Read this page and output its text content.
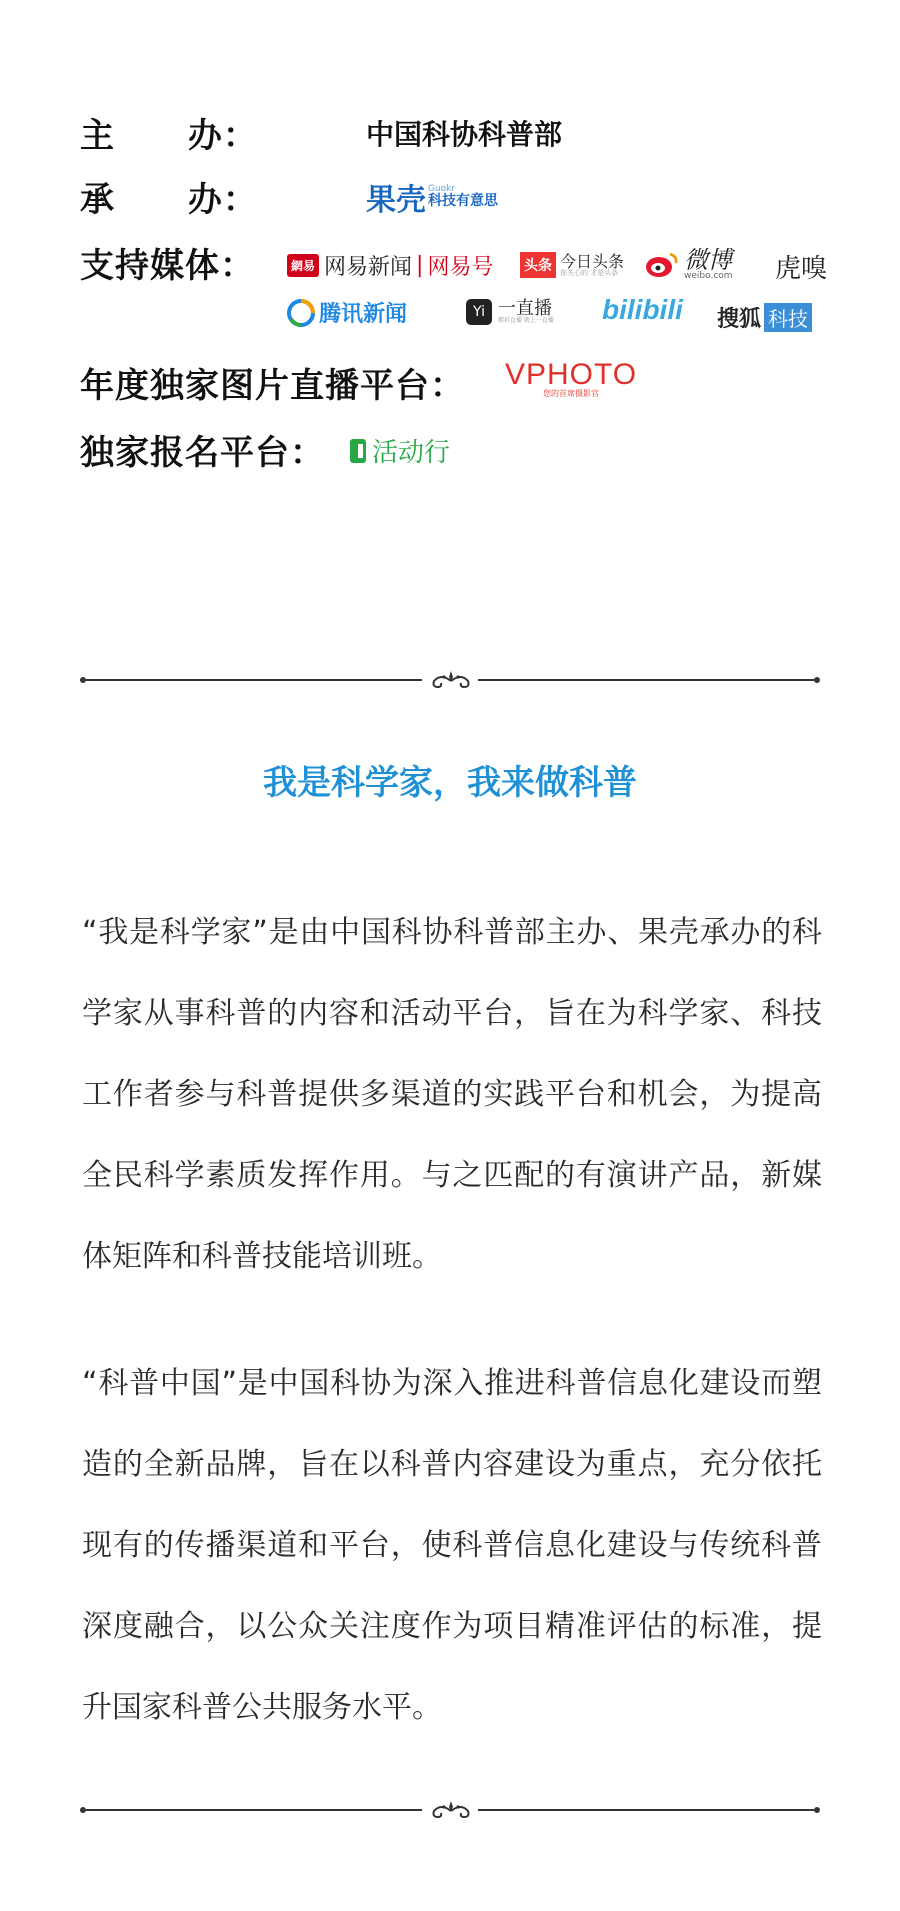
主 办：	中国科协科普部
承 办：	果壳 Guokr
科技有意思
支持媒体：	網易 网易新闻 | 网易号 头条 今日头条
你关心的 才是头条	微博
weibo.com 虎嗅
腾讯新闻	Yi 一直播
精彩直播 就上一直播 bilibili 搜狐 科技
年度独家图片直播平台： VPHOTO
您的首席摄影官
独家报名平台： 活动行
我是科学家，我来做科普
“我是科学家”是由中国科协科普部主办、果壳承办的科学家从事科普的内容和活动平台，旨在为科学家、科技工作者参与科普提供多渠道的实践平台和机会，为提高全民科学素质发挥作用。与之匹配的有演讲产品，新媒体矩阵和科普技能培训班。
“科普中国”是中国科协为深入推进科普信息化建设而塑造的全新品牌，旨在以科普内容建设为重点，充分依托现有的传播渠道和平台，使科普信息化建设与传统科普深度融合，以公众关注度作为项目精准评估的标准，提升国家科普公共服务水平。
